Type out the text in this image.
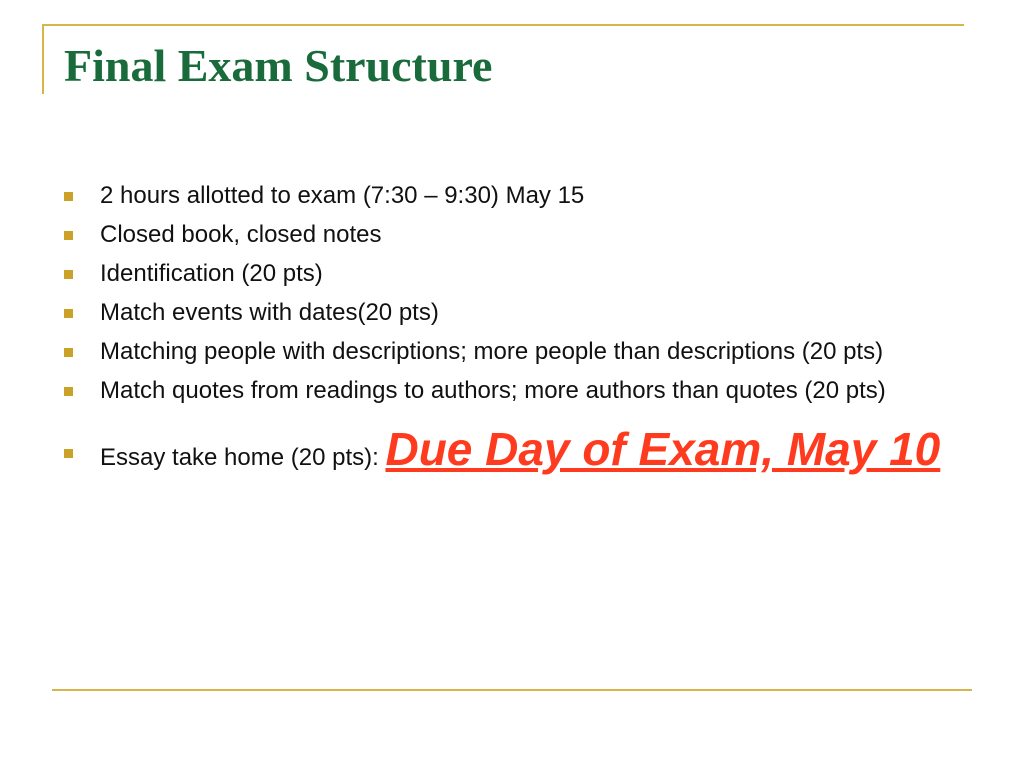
Final Exam Structure
2 hours allotted to exam (7:30 – 9:30) May 15
Closed book, closed notes
Identification (20 pts)
Match events with dates(20 pts)
Matching people with descriptions; more people than descriptions (20 pts)
Match quotes from readings to authors; more authors than quotes (20 pts)
Essay take home (20 pts): Due Day of Exam, May 10
